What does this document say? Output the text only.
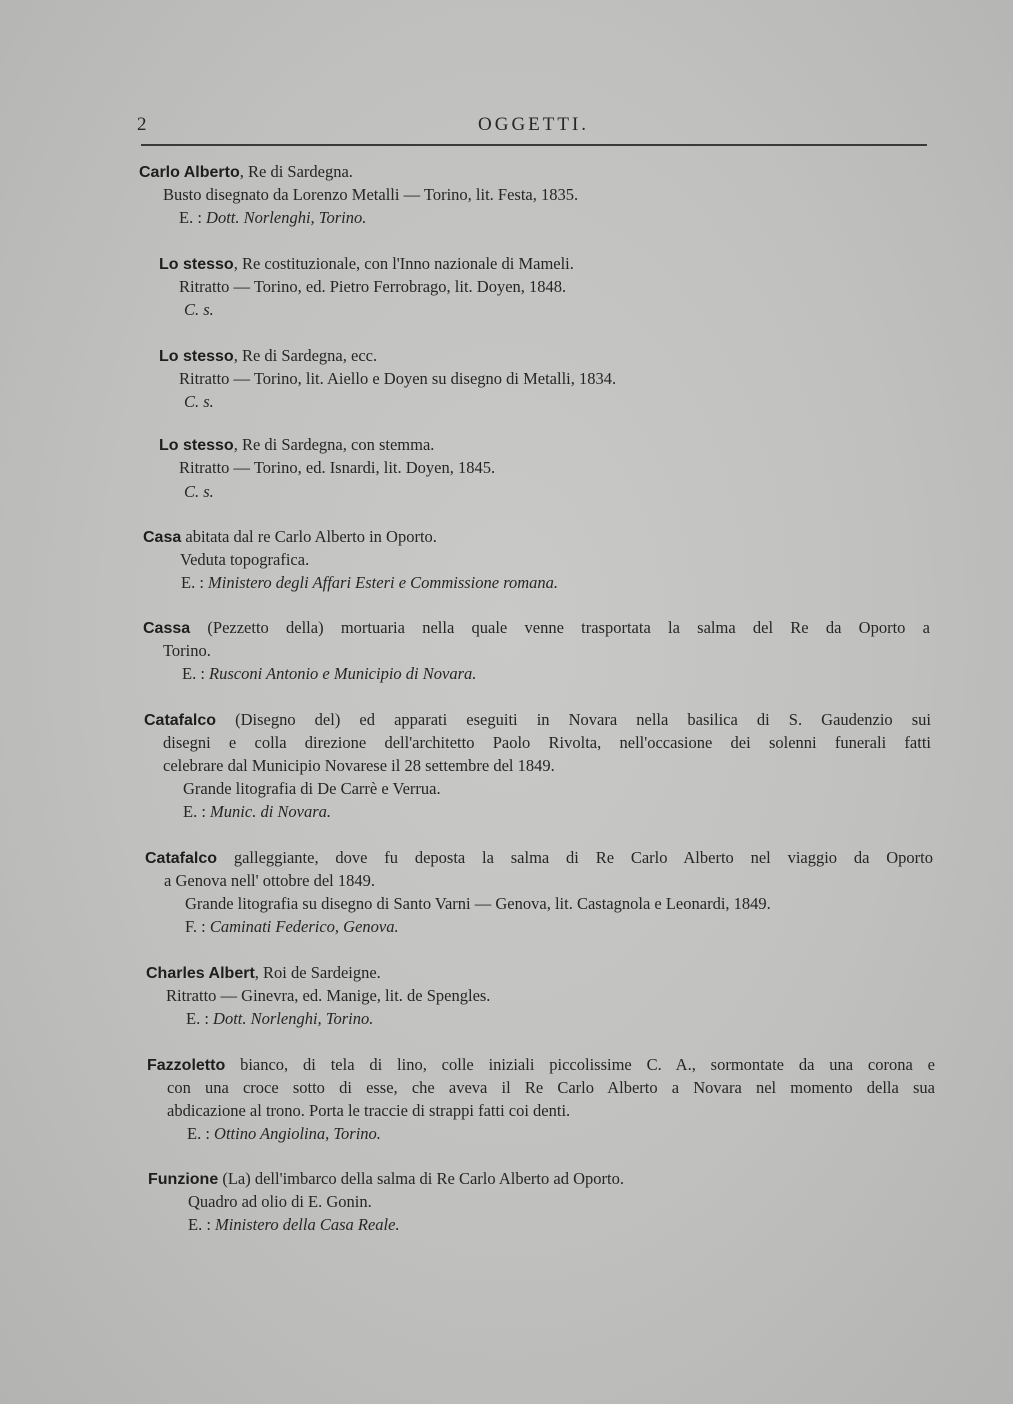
2	OGGETTI.
Carlo Alberto, Re di Sardegna.
Busto disegnato da Lorenzo Metalli — Torino, lit. Festa, 1835.
E. : Dott. Norlenghi, Torino.
Lo stesso, Re costituzionale, con l'Inno nazionale di Mameli.
Ritratto — Torino, ed. Pietro Ferrobrago, lit. Doyen, 1848.
C. s.
Lo stesso, Re di Sardegna, ecc.
Ritratto — Torino, lit. Aiello e Doyen su disegno di Metalli, 1834.
C. s.
Lo stesso, Re di Sardegna, con stemma.
Ritratto — Torino, ed. Isnardi, lit. Doyen, 1845.
C. s.
Casa abitata dal re Carlo Alberto in Oporto.
Veduta topografica.
E. : Ministero degli Affari Esteri e Commissione romana.
Cassa (Pezzetto della) mortuaria nella quale venne trasportata la salma del Re da Oporto a
Torino.
E. : Rusconi Antonio e Municipio di Novara.
Catafalco (Disegno del) ed apparati eseguiti in Novara nella basilica di S. Gaudenzio sui
disegni e colla direzione dell'architetto Paolo Rivolta, nell'occasione dei solenni funerali fatti
celebrare dal Municipio Novarese il 28 settembre del 1849.
Grande litografia di De Carrè e Verrua.
E. : Munic. di Novara.
Catafalco galleggiante, dove fu deposta la salma di Re Carlo Alberto nel viaggio da Oporto
a Genova nell' ottobre del 1849.
Grande litografia su disegno di Santo Varni — Genova, lit. Castagnola e Leonardi, 1849.
F. : Caminati Federico, Genova.
Charles Albert, Roi de Sardeigne.
Ritratto — Ginevra, ed. Manige, lit. de Spengles.
E. : Dott. Norlenghi, Torino.
Fazzoletto bianco, di tela di lino, colle iniziali piccolissime C. A., sormontate da una corona e
con una croce sotto di esse, che aveva il Re Carlo Alberto a Novara nel momento della sua
abdicazione al trono. Porta le traccie di strappi fatti coi denti.
E. : Ottino Angiolina, Torino.
Funzione (La) dell'imbarco della salma di Re Carlo Alberto ad Oporto.
Quadro ad olio di E. Gonin.
E. : Ministero della Casa Reale.
